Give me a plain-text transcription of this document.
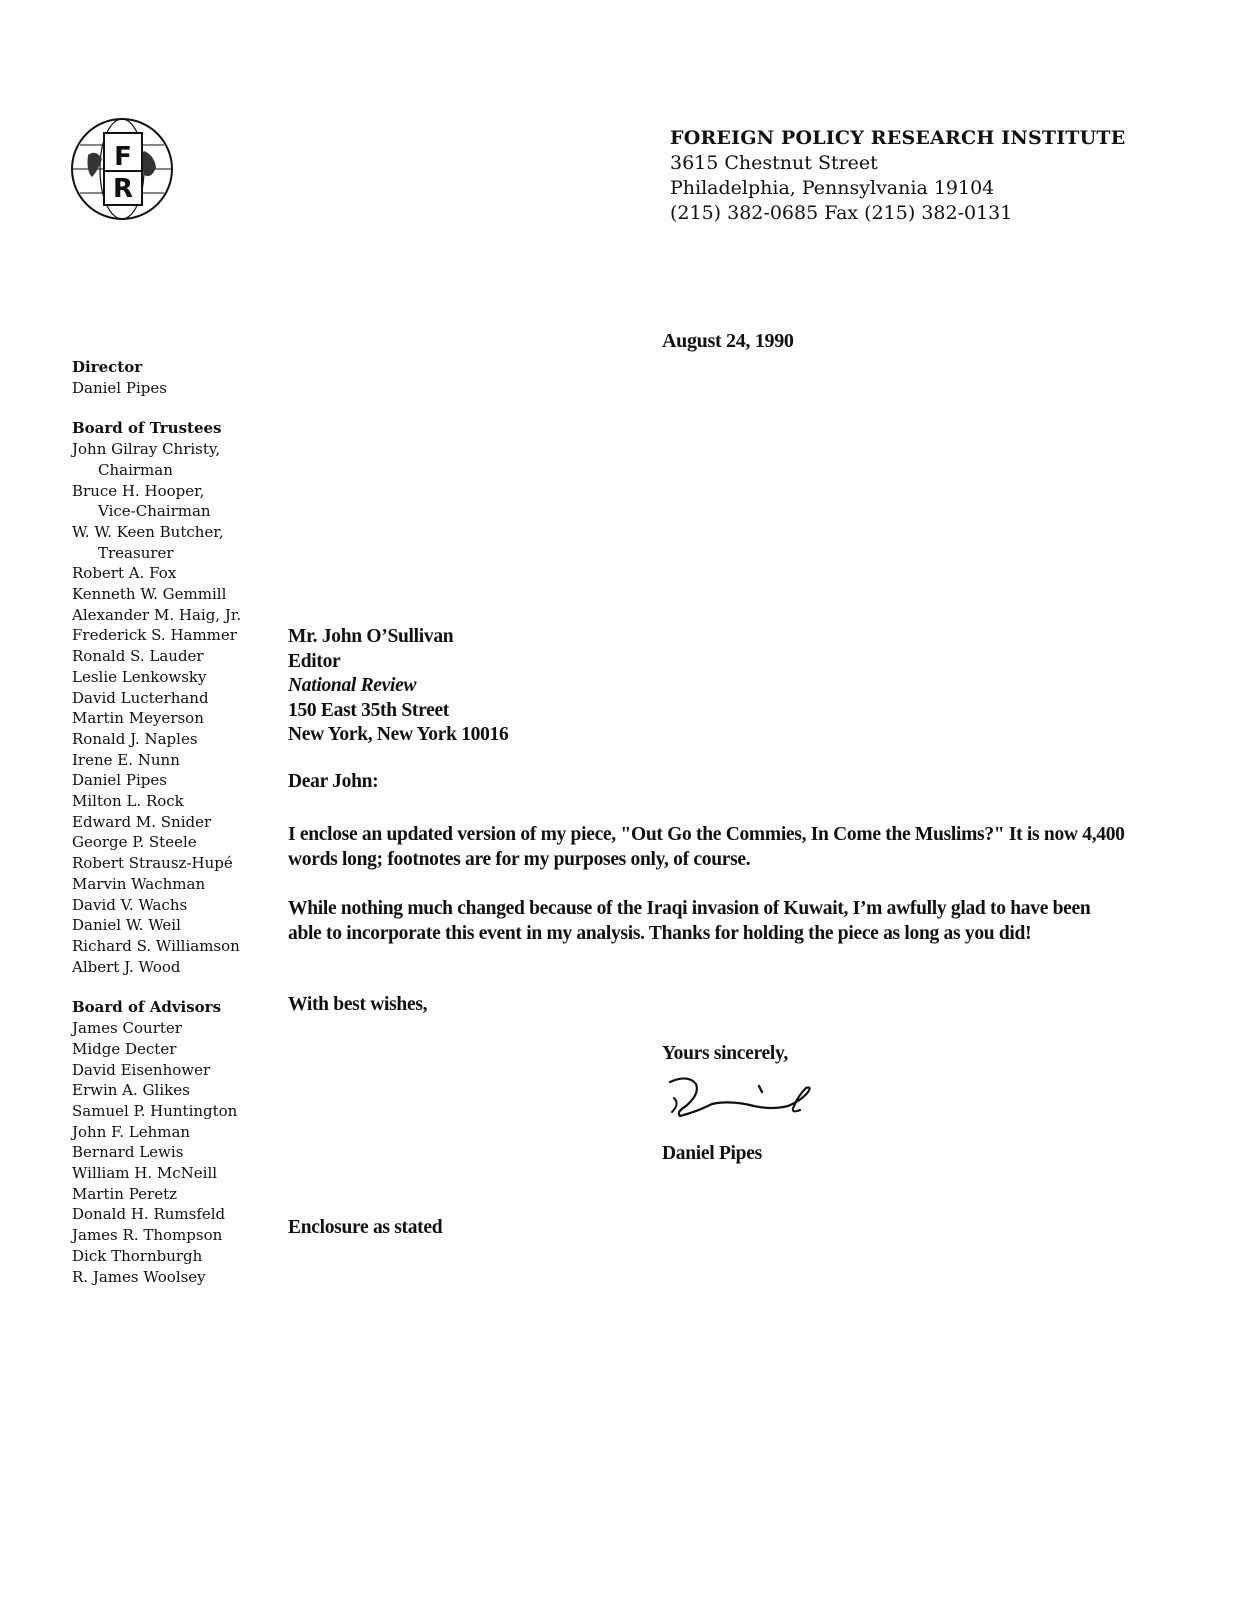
F
R
FOREIGN POLICY RESEARCH INSTITUTE
3615 Chestnut Street
Philadelphia, Pennsylvania 19104
(215) 382-0685 Fax (215) 382-0131
August 24, 1990
Director
Daniel Pipes
Board of Trustees
John Gilray Christy,
Chairman
Bruce H. Hooper,
Vice-Chairman
W. W. Keen Butcher,
Treasurer
Robert A. Fox
Kenneth W. Gemmill
Alexander M. Haig, Jr.
Frederick S. Hammer
Ronald S. Lauder
Leslie Lenkowsky
David Lucterhand
Martin Meyerson
Ronald J. Naples
Irene E. Nunn
Daniel Pipes
Milton L. Rock
Edward M. Snider
George P. Steele
Robert Strausz-Hupé
Marvin Wachman
David V. Wachs
Daniel W. Weil
Richard S. Williamson
Albert J. Wood
Board of Advisors
James Courter
Midge Decter
David Eisenhower
Erwin A. Glikes
Samuel P. Huntington
John F. Lehman
Bernard Lewis
William H. McNeill
Martin Peretz
Donald H. Rumsfeld
James R. Thompson
Dick Thornburgh
R. James Woolsey
Mr. John O’Sullivan
Editor
National Review
150 East 35th Street
New York, New York 10016
Dear John:
I enclose an updated version of my piece, "Out Go the Commies, In Come the Muslims?" It is now 4,400 words long; footnotes are for my purposes only, of course.
While nothing much changed because of the Iraqi invasion of Kuwait, I’m awfully glad to have been able to incorporate this event in my analysis. Thanks for holding the piece as long as you did!
With best wishes,
Yours sincerely,
Daniel Pipes
Enclosure as stated
